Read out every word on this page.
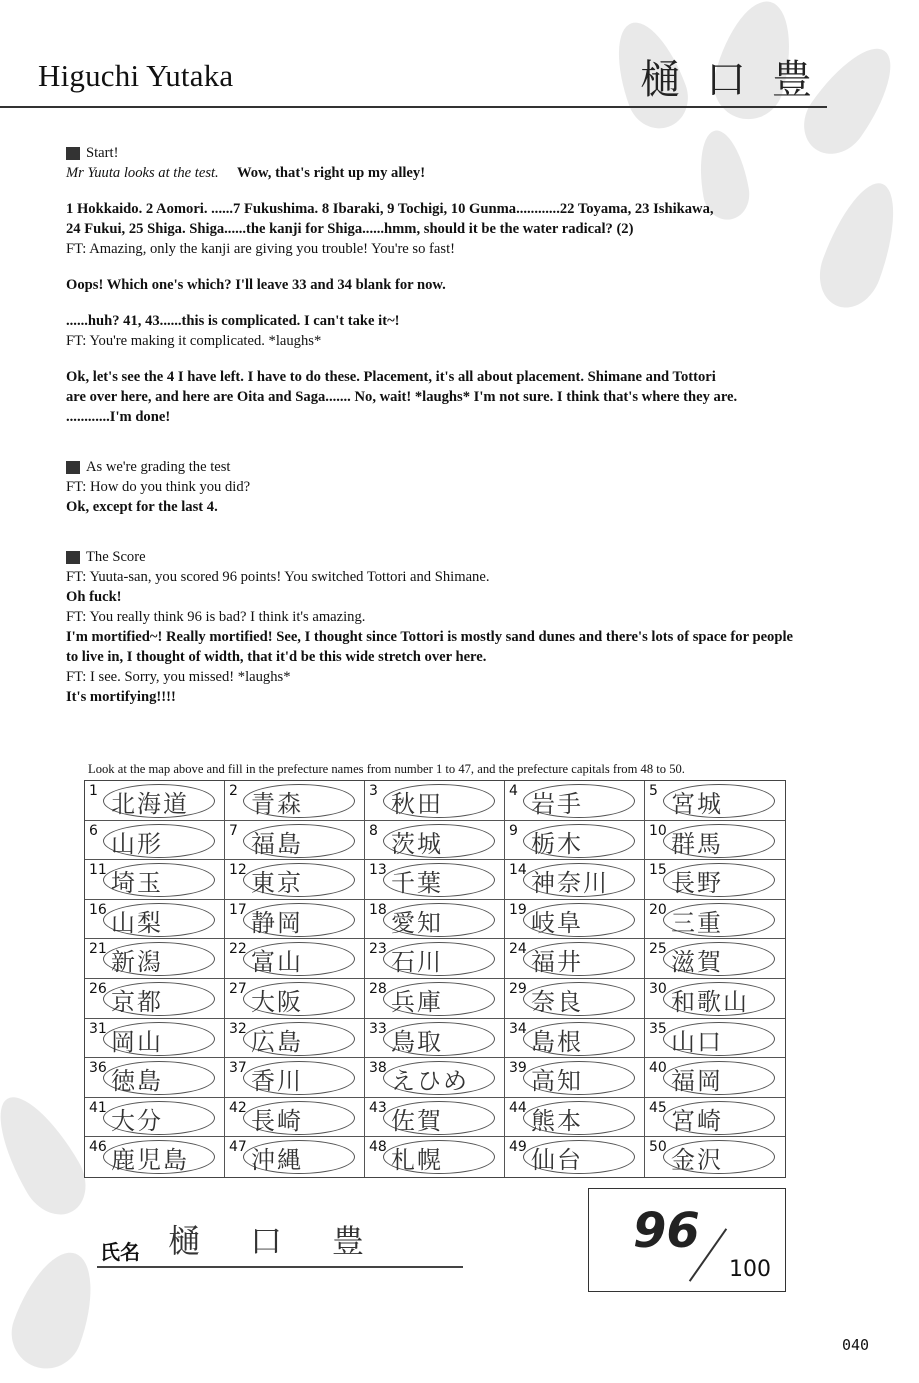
Higuchi Yutaka	樋口豊
Start!
Mr Yuuta looks at the test. Wow, that's right up my alley!
1 Hokkaido. 2 Aomori. ......7 Fukushima. 8 Ibaraki, 9 Tochigi, 10 Gunma............22 Toyama, 23 Ishikawa,
24 Fukui, 25 Shiga. Shiga......the kanji for Shiga......hmm, should it be the water radical? (2)
FT: Amazing, only the kanji are giving you trouble! You're so fast!
Oops! Which one's which? I'll leave 33 and 34 blank for now.
......huh? 41, 43......this is complicated. I can't take it~!
FT: You're making it complicated. *laughs*
Ok, let's see the 4 I have left. I have to do these. Placement, it's all about placement. Shimane and Tottori
are over here, and here are Oita and Saga....... No, wait! *laughs* I'm not sure. I think that's where they are.
............I'm done!
As we're grading the test
FT: How do you think you did?
Ok, except for the last 4.
The Score
FT: Yuuta-san, you scored 96 points! You switched Tottori and Shimane.
Oh fuck!
FT: You really think 96 is bad? I think it's amazing.
I'm mortified~! Really mortified! See, I thought since Tottori is mostly sand dunes and there's lots of space for people
to live in, I thought of width, that it'd be this wide stretch over here.
FT: I see. Sorry, you missed! *laughs*
It's mortifying!!!!
Look at the map above and fill in the prefecture names from number 1 to 47, and the prefecture capitals from 48 to 50.
1 北海道	2 青森	3 秋田	4 岩手	5 宮城
6 山形	7 福島	8 茨城	9 栃木	10 群馬
11 埼玉	12 東京	13 千葉	14 神奈川	15 長野
16 山梨	17 静岡	18 愛知	19 岐阜	20 三重
21 新潟	22 富山	23 石川	24 福井	25 滋賀
26 京都	27 大阪	28 兵庫	29 奈良	30 和歌山
31 岡山	32 広島	33 鳥取	34 島根	35 山口
36 徳島	37 香川	38 えひめ	39 高知	40 福岡
41 大分	42 長崎	43 佐賀	44 熊本	45 宮崎
46 鹿児島	47 沖縄	48 札幌	49 仙台	50 金沢
氏名 樋口豊	96
100
040
